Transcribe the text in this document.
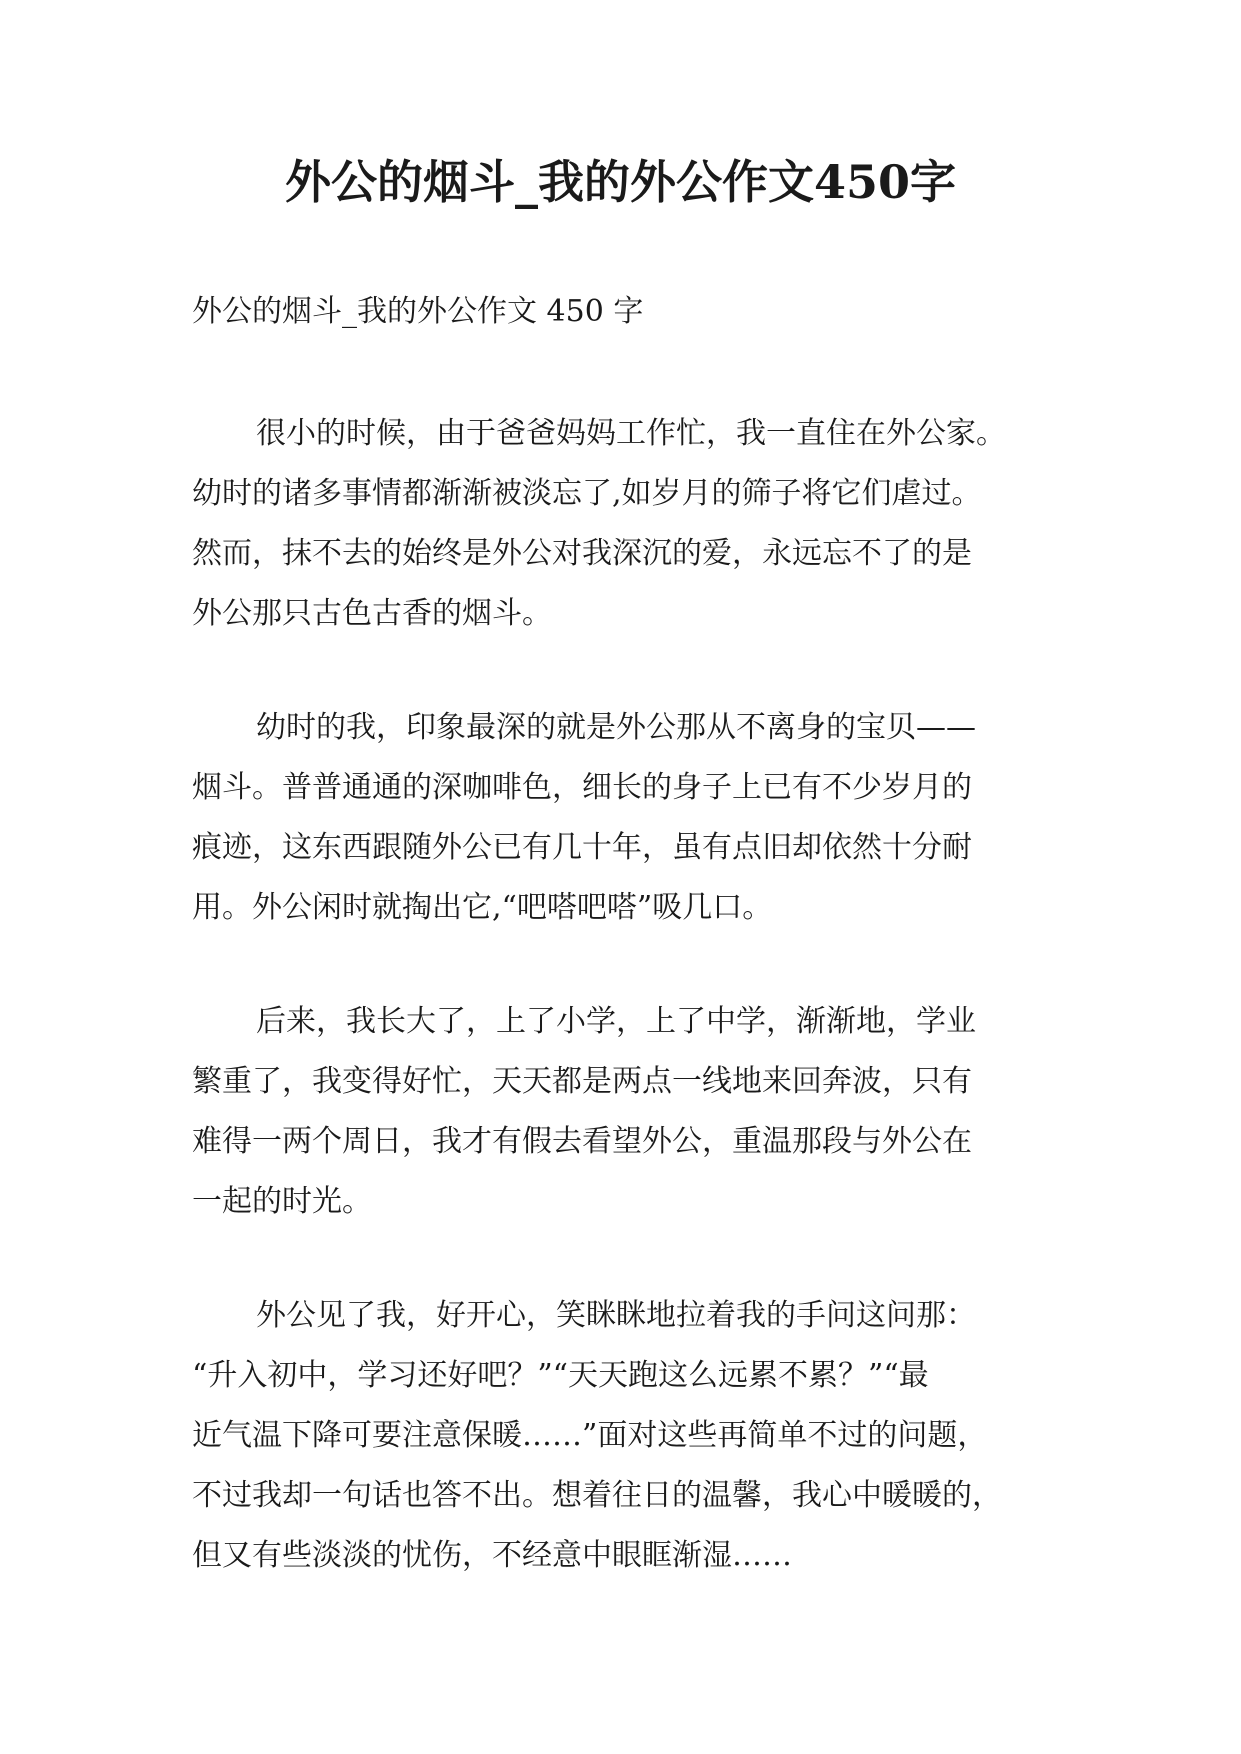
外公的烟斗_我的外公作文450字

外公的烟斗_我的外公作文 450 字

很小的时候，由于爸爸妈妈工作忙，我一直住在外公家。
幼时的诸多事情都渐渐被淡忘了,如岁月的筛子将它们虐过。
然而，抹不去的始终是外公对我深沉的爱，永远忘不了的是
外公那只古色古香的烟斗。

幼时的我，印象最深的就是外公那从不离身的宝贝——
烟斗。普普通通的深咖啡色，细长的身子上已有不少岁月的
痕迹，这东西跟随外公已有几十年，虽有点旧却依然十分耐
用。外公闲时就掏出它,“吧嗒吧嗒”吸几口。

后来，我长大了，上了小学，上了中学，渐渐地，学业
繁重了，我变得好忙，天天都是两点一线地来回奔波，只有
难得一两个周日，我才有假去看望外公，重温那段与外公在
一起的时光。

外公见了我，好开心，笑眯眯地拉着我的手问这问那：
“升入初中，学习还好吧？”“天天跑这么远累不累？”“最
近气温下降可要注意保暖……”面对这些再简单不过的问题，
不过我却一句话也答不出。想着往日的温馨，我心中暖暖的，
但又有些淡淡的忧伤，不经意中眼眶渐湿……
